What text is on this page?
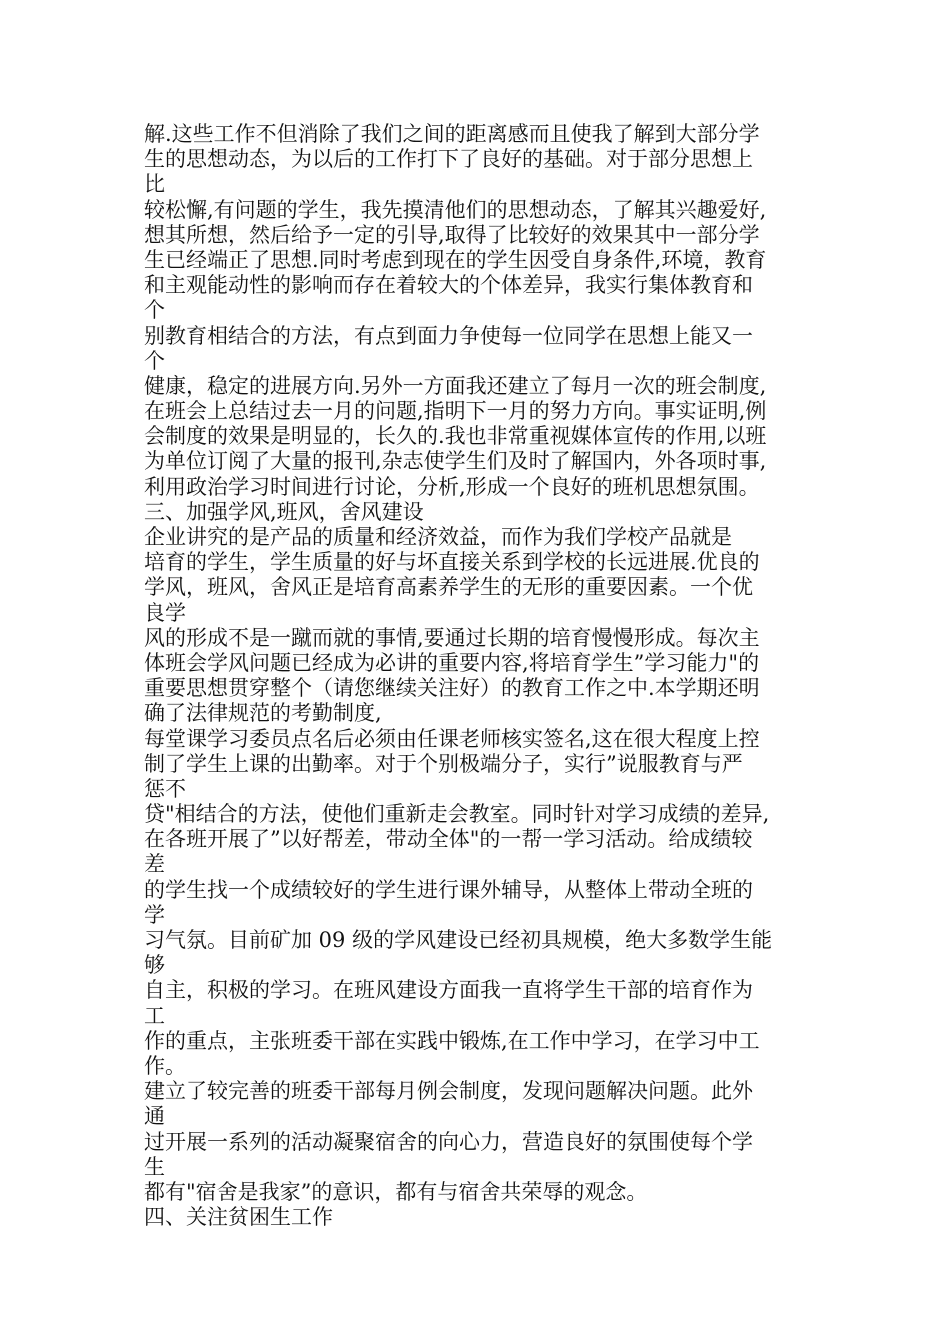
解.这些工作不但消除了我们之间的距离感而且使我了解到大部分学
生的思想动态，为以后的工作打下了良好的基础。对于部分思想上
比
较松懈,有问题的学生，我先摸清他们的思想动态，了解其兴趣爱好,
想其所想，然后给予一定的引导,取得了比较好的效果其中一部分学
生已经端正了思想.同时考虑到现在的学生因受自身条件,环境，教育
和主观能动性的影响而存在着较大的个体差异，我实行集体教育和
个
别教育相结合的方法，有点到面力争使每一位同学在思想上能又一
个
健康，稳定的进展方向.另外一方面我还建立了每月一次的班会制度,
在班会上总结过去一月的问题,指明下一月的努力方向。事实证明,例
会制度的效果是明显的，长久的.我也非常重视媒体宣传的作用,以班
为单位订阅了大量的报刊,杂志使学生们及时了解国内，外各项时事,
利用政治学习时间进行讨论，分析,形成一个良好的班机思想氛围。
三、加强学风,班风，舍风建设
企业讲究的是产品的质量和经济效益，而作为我们学校产品就是
培育的学生，学生质量的好与坏直接关系到学校的长远进展.优良的
学风，班风，舍风正是培育高素养学生的无形的重要因素。一个优
良学
风的形成不是一蹴而就的事情,要通过长期的培育慢慢形成。每次主
体班会学风问题已经成为必讲的重要内容,将培育学生”学习能力"的
重要思想贯穿整个（请您继续关注好）的教育工作之中.本学期还明
确了法律规范的考勤制度,
每堂课学习委员点名后必须由任课老师核实签名,这在很大程度上控
制了学生上课的出勤率。对于个别极端分子，实行”说服教育与严
惩不
贷"相结合的方法，使他们重新走会教室。同时针对学习成绩的差异,
在各班开展了”以好帮差，带动全体"的一帮一学习活动。给成绩较
差
的学生找一个成绩较好的学生进行课外辅导，从整体上带动全班的
学
习气氛。目前矿加 09 级的学风建设已经初具规模，绝大多数学生能
够
自主，积极的学习。在班风建设方面我一直将学生干部的培育作为
工
作的重点，主张班委干部在实践中锻炼,在工作中学习，在学习中工
作。
建立了较完善的班委干部每月例会制度，发现问题解决问题。此外
通
过开展一系列的活动凝聚宿舍的向心力，营造良好的氛围使每个学
生
都有"宿舍是我家”的意识，都有与宿舍共荣辱的观念。
四、关注贫困生工作
